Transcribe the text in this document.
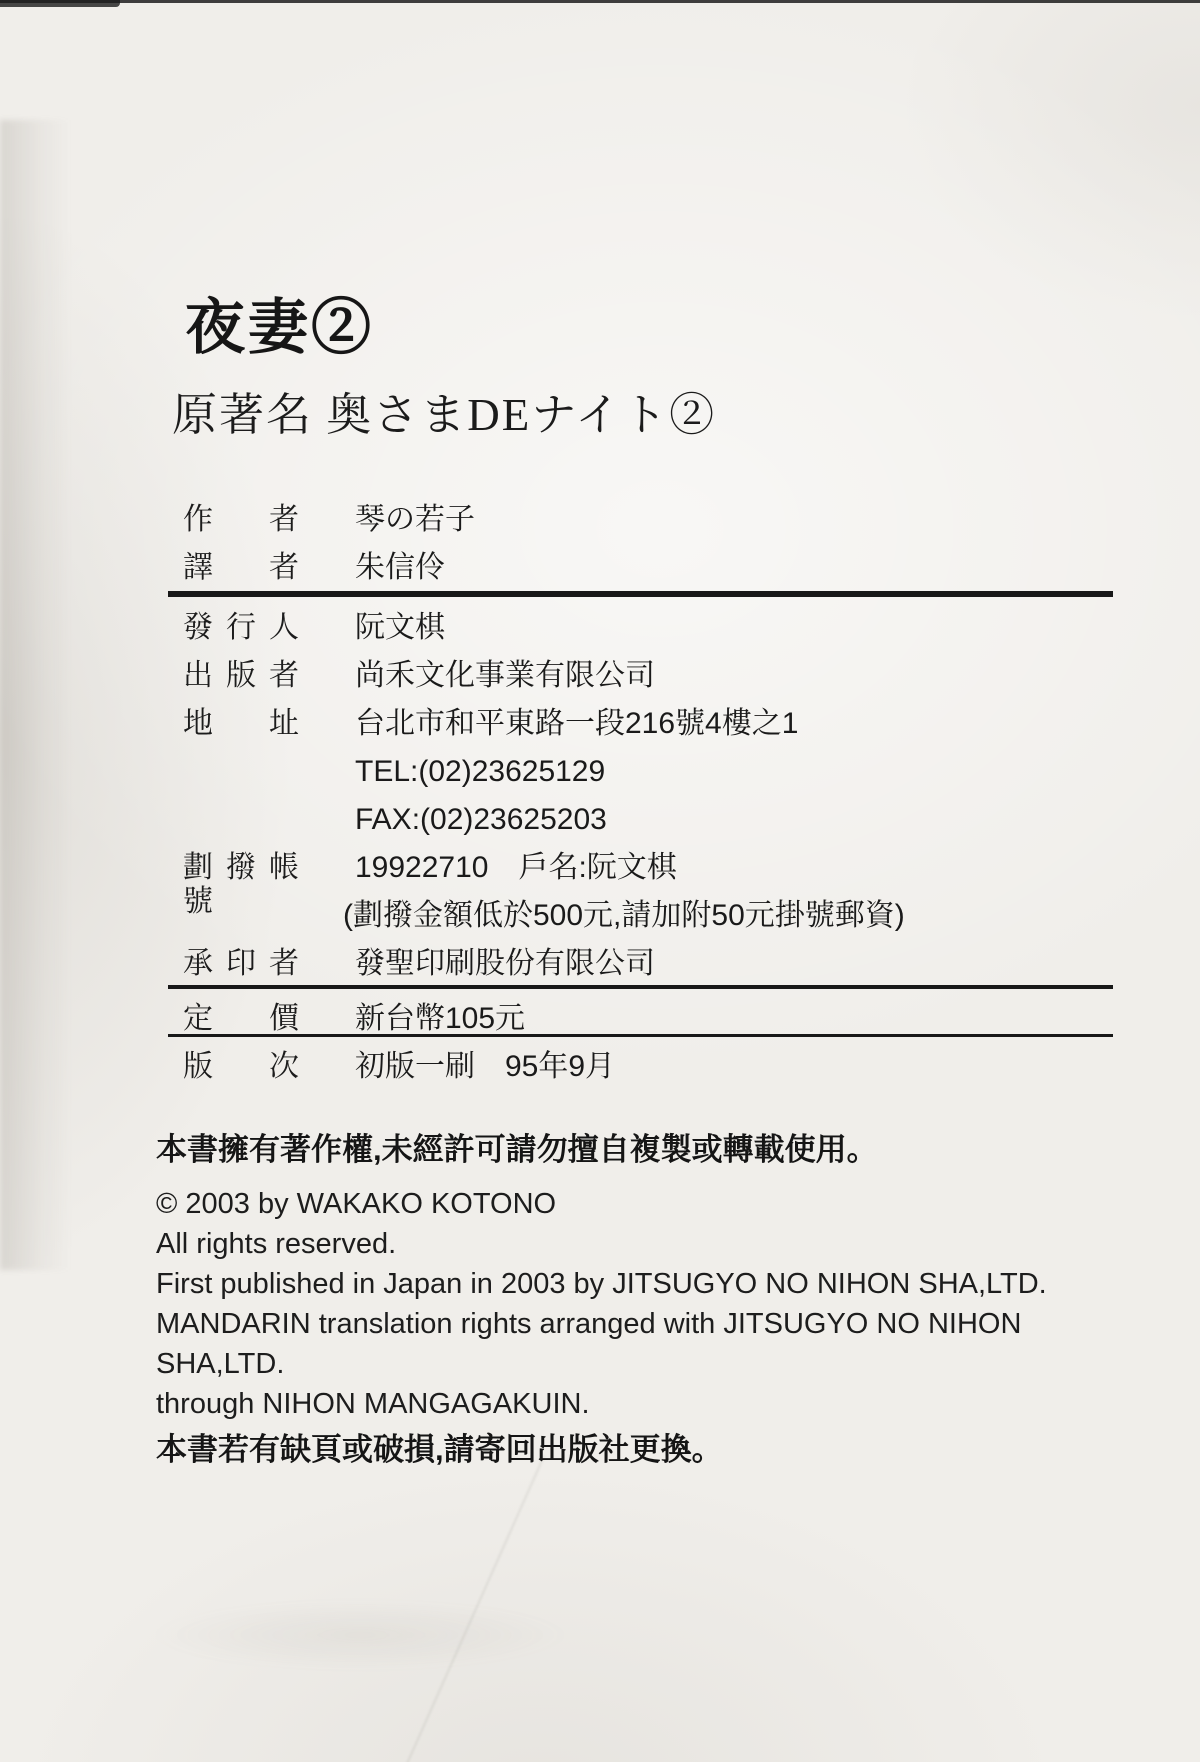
夜妻②
原著名 奥さまDEナイト②
作者 琴の若子
譯者 朱信伶
發行人 阮文棋
出版者 尚禾文化事業有限公司
地址 台北市和平東路一段216號4樓之1
TEL:(02)23625129
FAX:(02)23625203
劃撥帳號
19922710　戶名:阮文棋
(劃撥金額低於500元,請加附50元掛號郵資)
承印者 發聖印刷股份有限公司
定價 新台幣105元
版次 初版一刷　95年9月
本書擁有著作權,未經許可請勿擅自複製或轉載使用。
© 2003 by WAKAKO KOTONO
All rights reserved.
First published in Japan in 2003 by JITSUGYO NO NIHON SHA,LTD.
MANDARIN translation rights arranged with JITSUGYO NO NIHON SHA,LTD.
through NIHON MANGAGAKUIN.
本書若有缺頁或破損,請寄回出版社更換。
